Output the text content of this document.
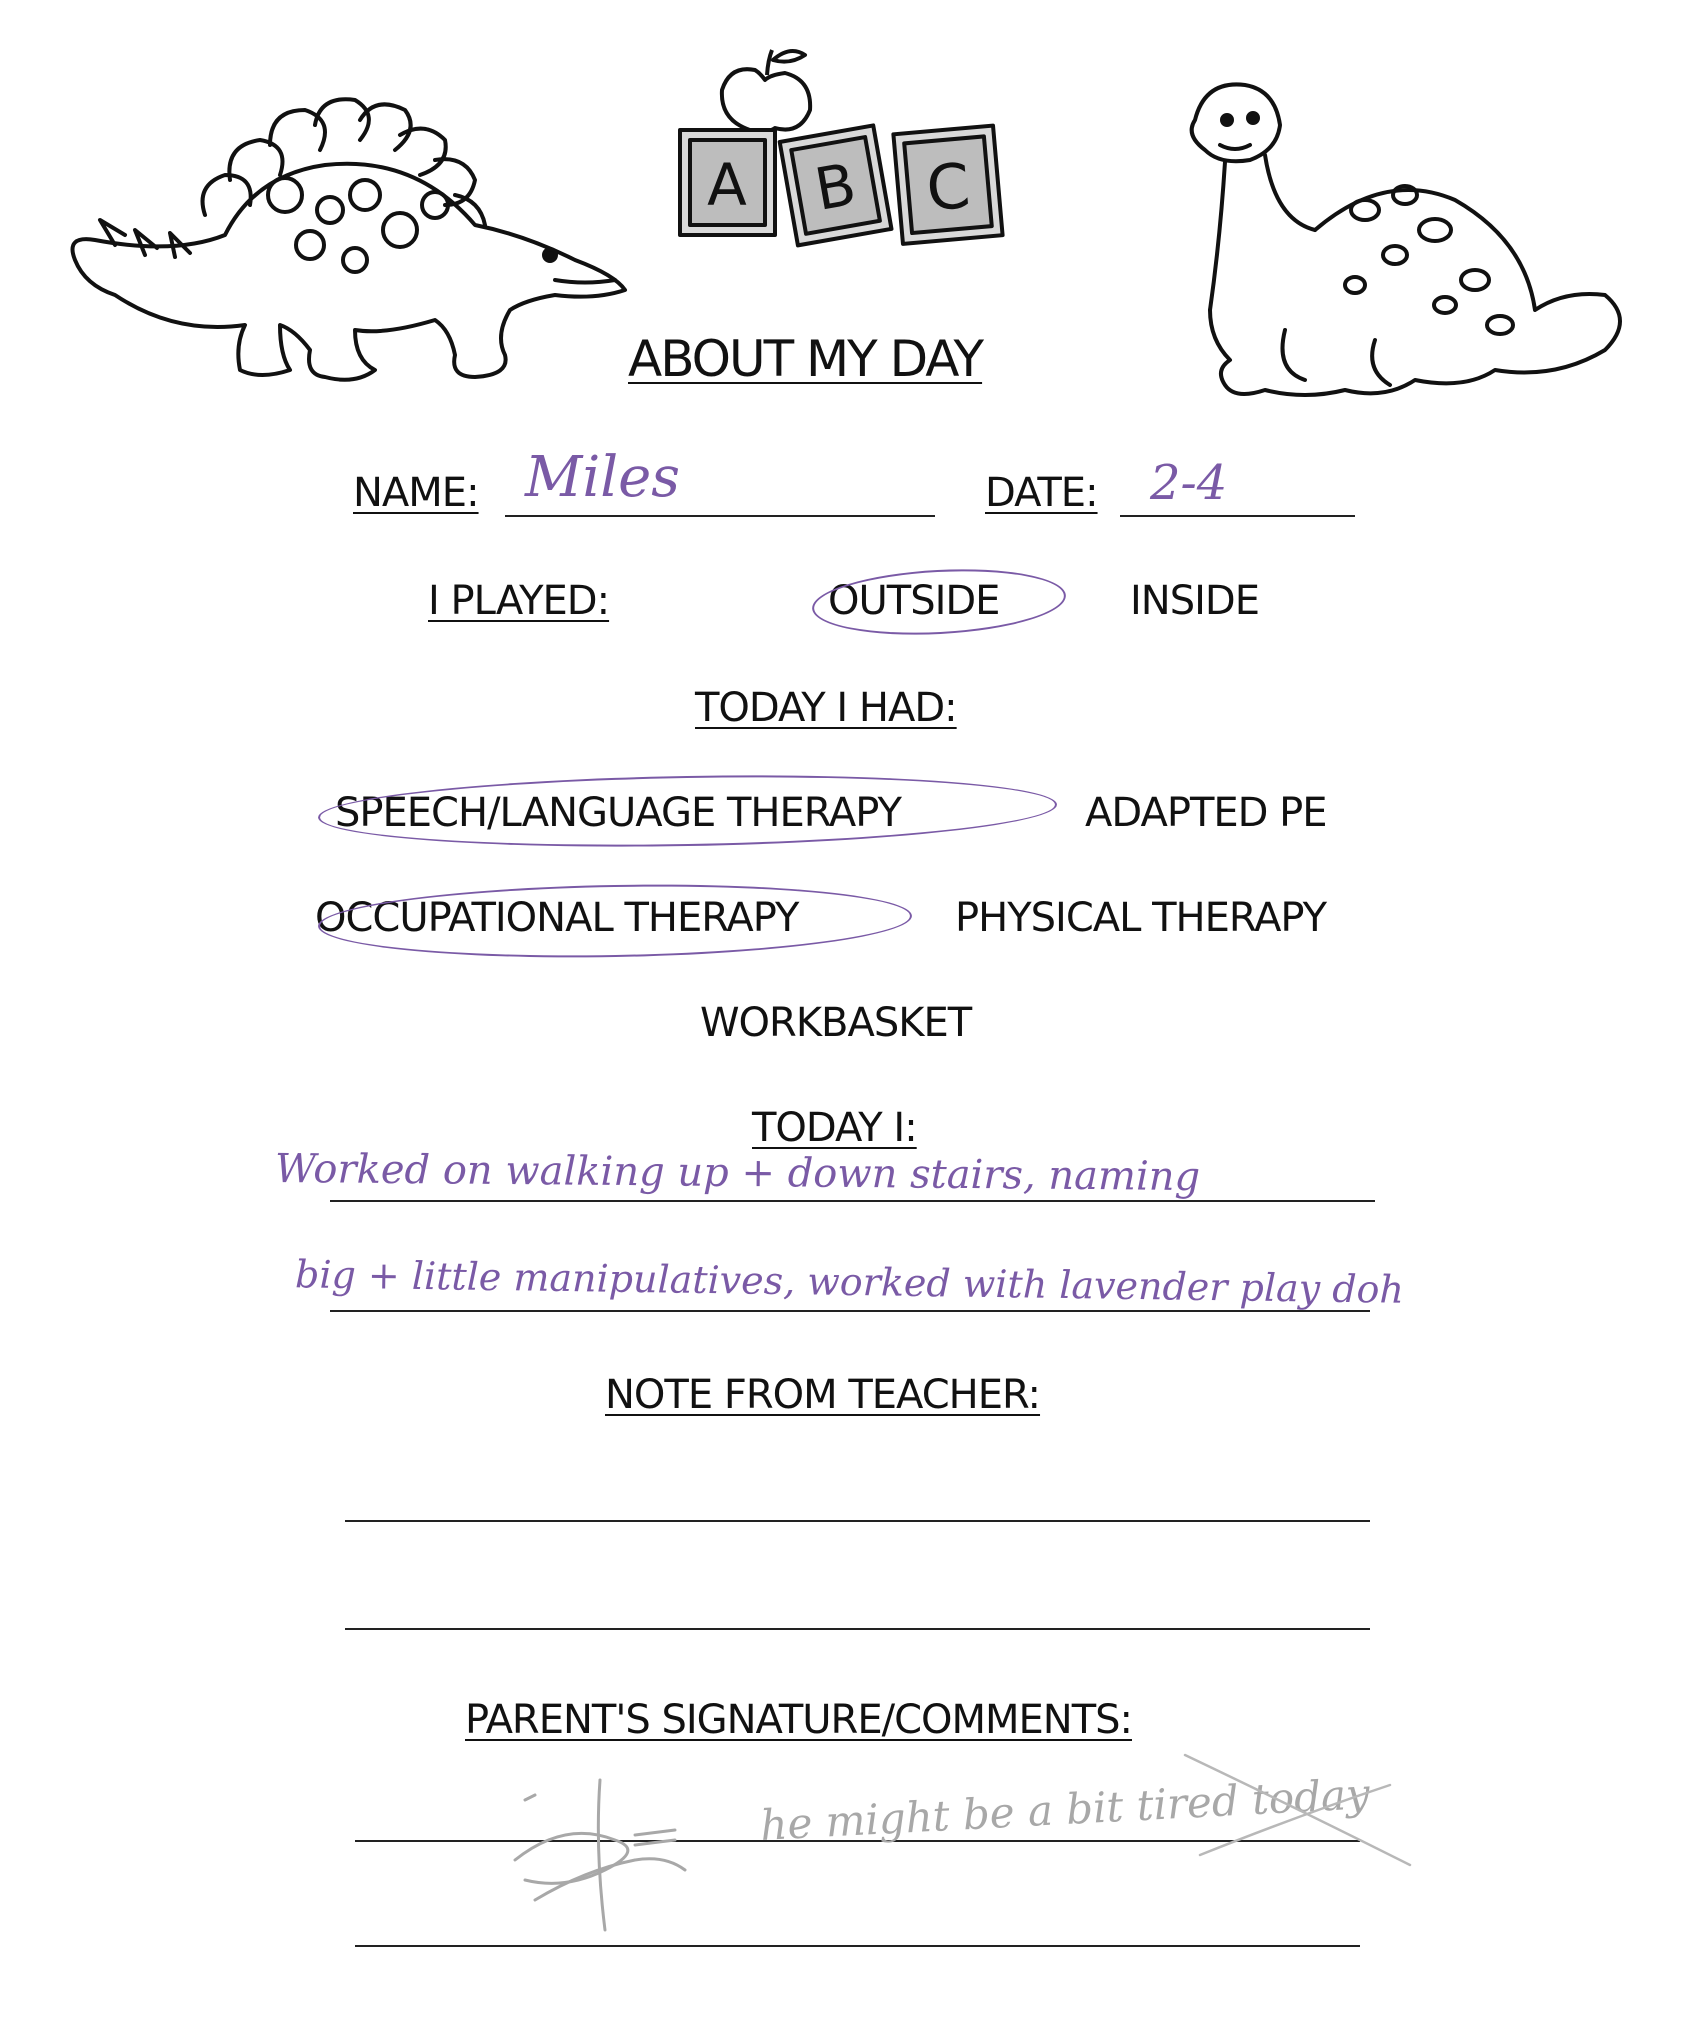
A B C
ABOUT MY DAY
NAME: Miles	DATE: 2-4
I PLAYED:	OUTSIDE	INSIDE
TODAY I HAD:
SPEECH/LANGUAGE THERAPY	ADAPTED PE
OCCUPATIONAL THERAPY	PHYSICAL THERAPY
WORKBASKET
TODAY I:
Worked on walking up + down stairs, naming
big + little manipulatives, worked with lavender play doh
NOTE FROM TEACHER:
PARENT'S SIGNATURE/COMMENTS:
he might be a bit tired today
